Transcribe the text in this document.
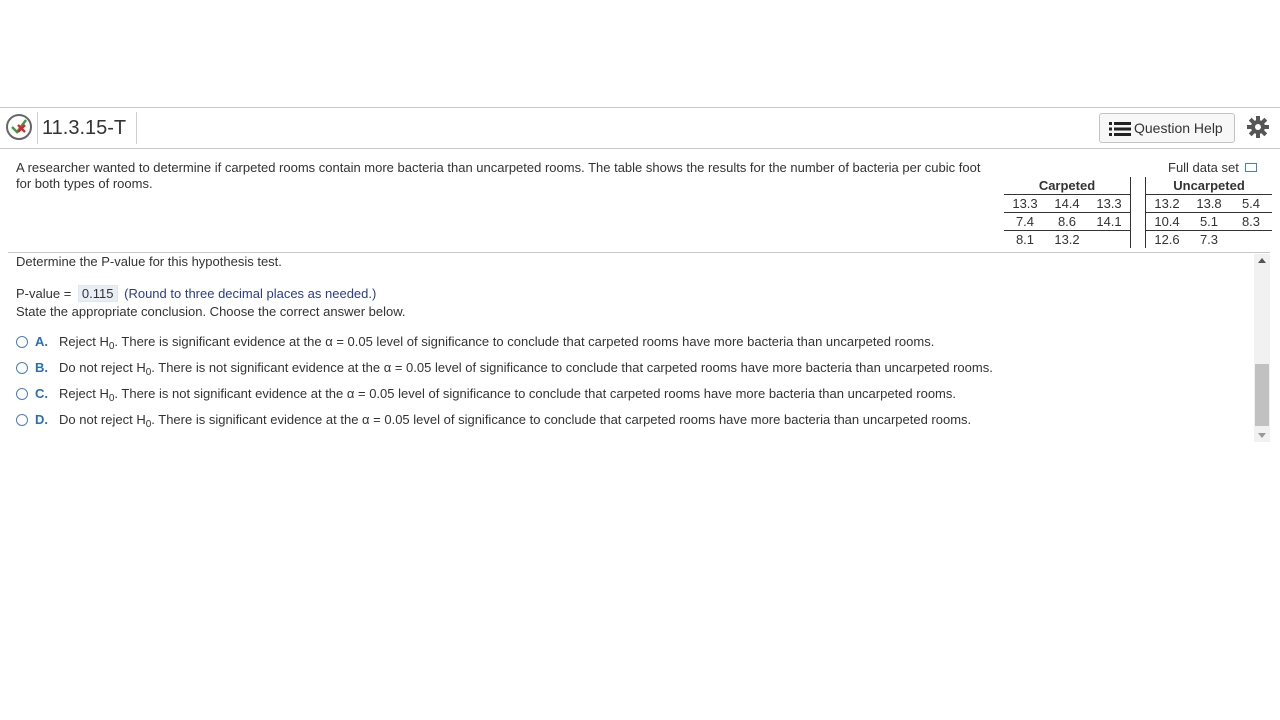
11.3.15-T	Question Help
A researcher wanted to determine if carpeted rooms contain more bacteria than uncarpeted rooms. The table shows the results for the number of bacteria per cubic foot for both types of rooms.
Full data set
Carpeted				Uncarpeted		
13.3	14.4	13.3		13.2	13.8	5.4
7.4	8.6	14.1		10.4	5.1	8.3
8.1	13.2			12.6	7.3	
Determine the P-value for this hypothesis test.
P-value = 0.115 (Round to three decimal places as needed.)
State the appropriate conclusion. Choose the correct answer below.
A. Reject $H_0$. There is significant evidence at the α = 0.05 level of significance to conclude that carpeted rooms have more bacteria than uncarpeted rooms.
B. Do not reject $H_0$. There is not significant evidence at the α = 0.05 level of significance to conclude that carpeted rooms have more bacteria than uncarpeted rooms.
C. Reject $H_0$. There is not significant evidence at the α = 0.05 level of significance to conclude that carpeted rooms have more bacteria than uncarpeted rooms.
D. Do not reject $H_0$. There is significant evidence at the α = 0.05 level of significance to conclude that carpeted rooms have more bacteria than uncarpeted rooms.
